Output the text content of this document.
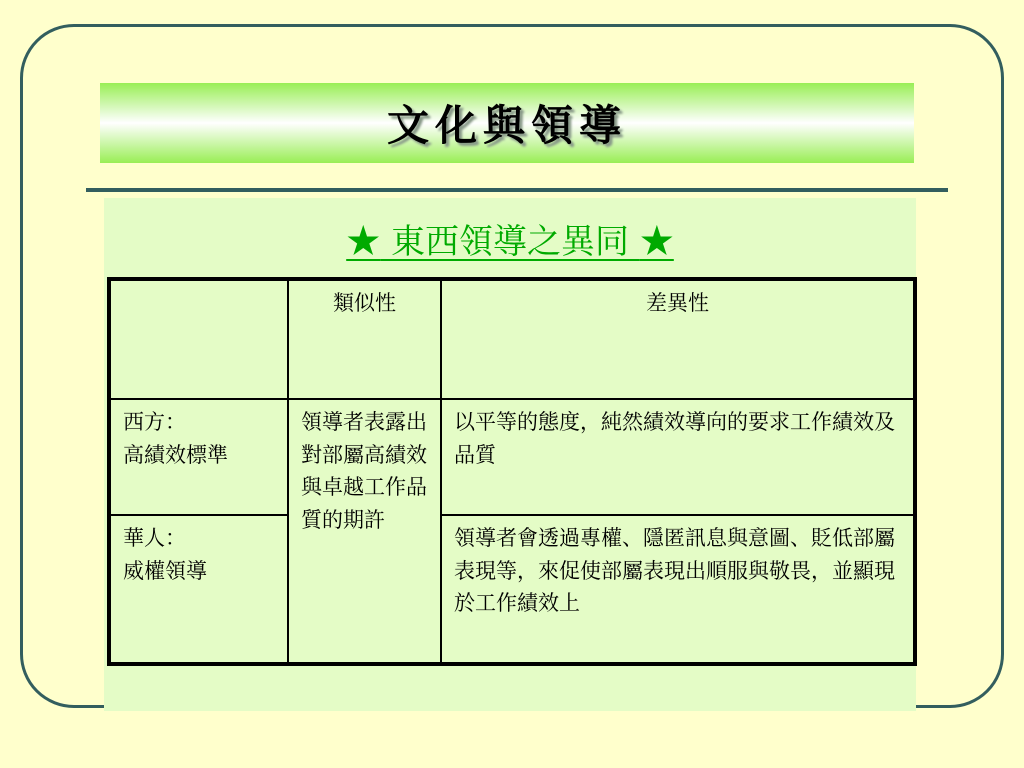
文化與領導
★ 東西領導之異同 ★
	類似性	差異性

西方：
高績效標準	領導者表露出對部屬高績效與卓越工作品質的期許	以平等的態度，純然績效導向的要求工作績效及品質

華人：
威權領導		領導者會透過專權、隱匿訊息與意圖、貶低部屬表現等，來促使部屬表現出順服與敬畏，並顯現於工作績效上
